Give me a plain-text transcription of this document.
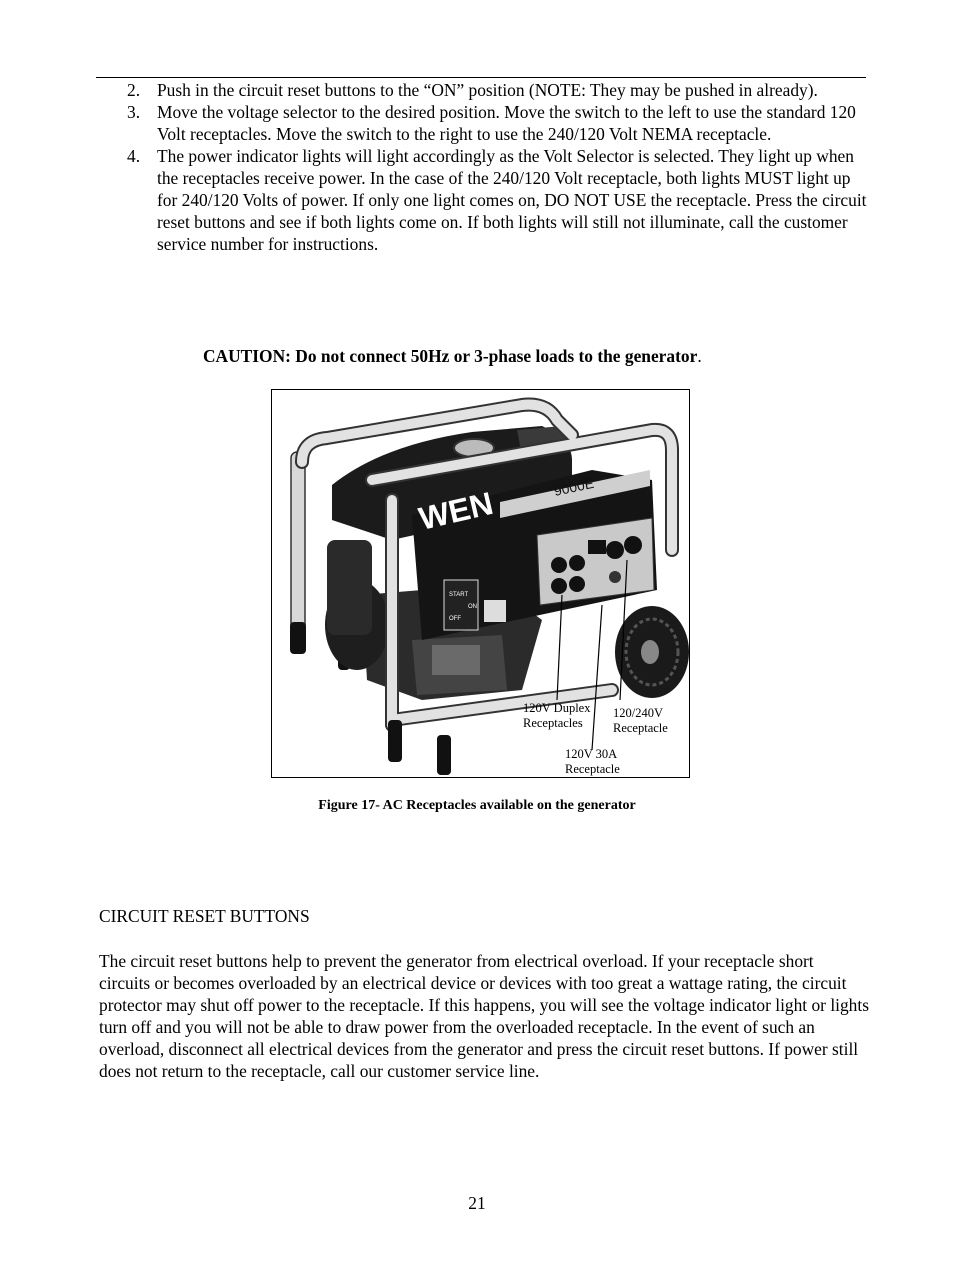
2. Push in the circuit reset buttons to the “ON” position (NOTE: They may be pushed in already).
3. Move the voltage selector to the desired position. Move the switch to the left to use the standard 120 Volt receptacles. Move the switch to the right to use the 240/120 Volt NEMA receptacle.
4. The power indicator lights will light accordingly as the Volt Selector is selected. They light up when the receptacles receive power. In the case of the 240/120 Volt receptacle, both lights MUST light up for 240/120 Volts of power. If only one light comes on, DO NOT USE the receptacle. Press the circuit reset buttons and see if both lights come on. If both lights will still not illuminate, call the customer service number for instructions.
CAUTION: Do not connect 50Hz or 3-phase loads to the generator.
WEN	9000E
START
OFF
ON
120V Duplex
Receptacles
120/240V
Receptacle
120V 30A
Receptacle
Figure 17- AC Receptacles available on the generator
CIRCUIT RESET BUTTONS

The circuit reset buttons help to prevent the generator from electrical overload. If your receptacle short circuits or becomes overloaded by an electrical device or devices with too great a wattage rating, the circuit protector may shut off power to the receptacle. If this happens, you will see the voltage indicator light or lights turn off and you will not be able to draw power from the overloaded receptacle. In the event of such an overload, disconnect all electrical devices from the generator and press the circuit reset buttons. If power still does not return to the receptacle, call our customer service line.

21
